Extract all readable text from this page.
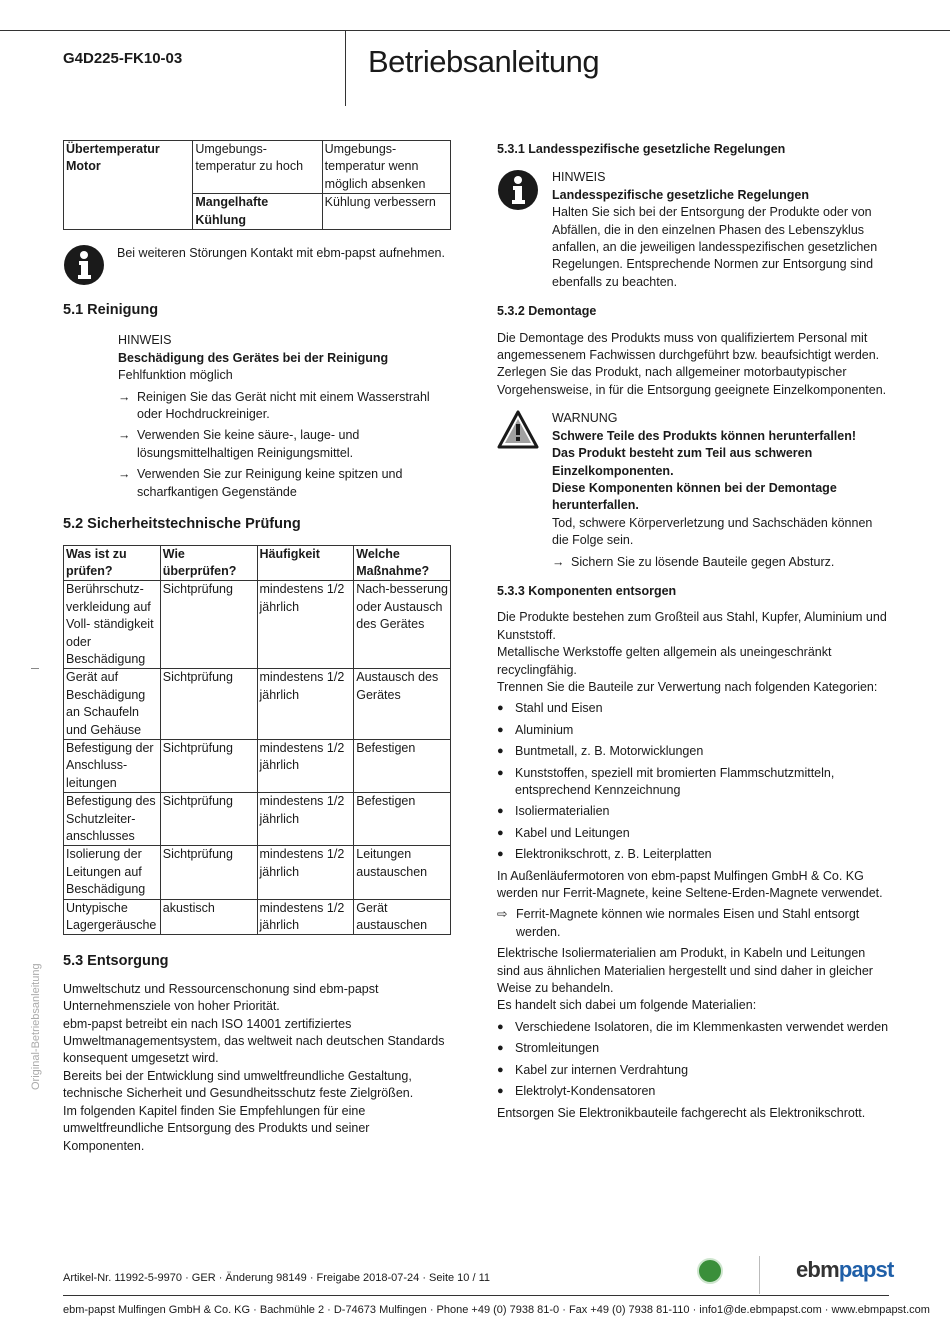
G4D225-FK10-03	Betriebsanleitung
Original-Betriebsanleitung
Übertemperatur Motor	Umgebungs-temperatur zu hoch	Umgebungs-temperatur wenn möglich absenken
	Mangelhafte Kühlung	Kühlung verbessern
Bei weiteren Störungen Kontakt mit ebm-papst aufnehmen.
5.1 Reinigung
HINWEIS
Beschädigung des Gerätes bei der Reinigung
Fehlfunktion möglich
→ Reinigen Sie das Gerät nicht mit einem Wasserstrahl oder Hochdruckreiniger.
→ Verwenden Sie keine säure-, lauge- und lösungsmittelhaltigen Reinigungsmittel.
→ Verwenden Sie zur Reinigung keine spitzen und scharfkantigen Gegenstände
5.2 Sicherheitstechnische Prüfung
Was ist zu prüfen?	Wie überprüfen?	Häufigkeit	Welche Maßnahme?
Berührschutz-verkleidung auf Voll- ständigkeit oder Beschädigung	Sichtprüfung	mindestens 1/2 jährlich	Nach-besserung oder Austausch des Gerätes
Gerät auf Beschädigung an Schaufeln und Gehäuse	Sichtprüfung	mindestens 1/2 jährlich	Austausch des Gerätes
Befestigung der Anschluss-leitungen	Sichtprüfung	mindestens 1/2 jährlich	Befestigen
Befestigung des Schutzleiter-anschlusses	Sichtprüfung	mindestens 1/2 jährlich	Befestigen
Isolierung der Leitungen auf Beschädigung	Sichtprüfung	mindestens 1/2 jährlich	Leitungen austauschen
Untypische Lagergeräusche	akustisch	mindestens 1/2 jährlich	Gerät austauschen
5.3 Entsorgung
Umweltschutz und Ressourcenschonung sind ebm-papst Unternehmensziele von hoher Priorität.
ebm-papst betreibt ein nach ISO 14001 zertifiziertes Umweltmanagementsystem, das weltweit nach deutschen Standards konsequent umgesetzt wird.
Bereits bei der Entwicklung sind umweltfreundliche Gestaltung, technische Sicherheit und Gesundheitsschutz feste Zielgrößen.
Im folgenden Kapitel finden Sie Empfehlungen für eine umweltfreundliche Entsorgung des Produkts und seiner Komponenten.
5.3.1 Landesspezifische gesetzliche Regelungen
HINWEIS
Landesspezifische gesetzliche Regelungen
Halten Sie sich bei der Entsorgung der Produkte oder von Abfällen, die in den einzelnen Phasen des Lebenszyklus anfallen, an die jeweiligen landesspezifischen gesetzlichen Regelungen. Entsprechende Normen zur Entsorgung sind ebenfalls zu beachten.
5.3.2 Demontage
Die Demontage des Produkts muss von qualifiziertem Personal mit angemessenem Fachwissen durchgeführt bzw. beaufsichtigt werden. Zerlegen Sie das Produkt, nach allgemeiner motorbautypischer Vorgehensweise, in für die Entsorgung geeignete Einzelkomponenten.
WARNUNG
Schwere Teile des Produkts können herunterfallen!
Das Produkt besteht zum Teil aus schweren Einzelkomponenten.
Diese Komponenten können bei der Demontage herunterfallen.
Tod, schwere Körperverletzung und Sachschäden können die Folge sein.
→ Sichern Sie zu lösende Bauteile gegen Absturz.
5.3.3 Komponenten entsorgen
Die Produkte bestehen zum Großteil aus Stahl, Kupfer, Aluminium und Kunststoff.
Metallische Werkstoffe gelten allgemein als uneingeschränkt recyclingfähig.
Trennen Sie die Bauteile zur Verwertung nach folgenden Kategorien:
● Stahl und Eisen
● Aluminium
● Buntmetall, z. B. Motorwicklungen
● Kunststoffen, speziell mit bromierten Flammschutzmitteln, entsprechend Kennzeichnung
● Isoliermaterialien
● Kabel und Leitungen
● Elektronikschrott, z. B. Leiterplatten
In Außenläufermotoren von ebm-papst Mulfingen GmbH & Co. KG werden nur Ferrit-Magnete, keine Seltene-Erden-Magnete verwendet.
⇨ Ferrit-Magnete können wie normales Eisen und Stahl entsorgt werden.
Elektrische Isoliermaterialien am Produkt, in Kabeln und Leitungen sind aus ähnlichen Materialien hergestellt und sind daher in gleicher Weise zu behandeln.
Es handelt sich dabei um folgende Materialien:
● Verschiedene Isolatoren, die im Klemmenkasten verwendet werden
● Stromleitungen
● Kabel zur internen Verdrahtung
● Elektrolyt-Kondensatoren
Entsorgen Sie Elektronikbauteile fachgerecht als Elektronikschrott.
Artikel-Nr. 11992-5-9970 · GER · Änderung 98149 · Freigabe 2018-07-24 · Seite 10 / 11	ebmpapst
ebm-papst Mulfingen GmbH & Co. KG · Bachmühle 2 · D-74673 Mulfingen · Phone +49 (0) 7938 81-0 · Fax +49 (0) 7938 81-110 · info1@de.ebmpapst.com · www.ebmpapst.com
